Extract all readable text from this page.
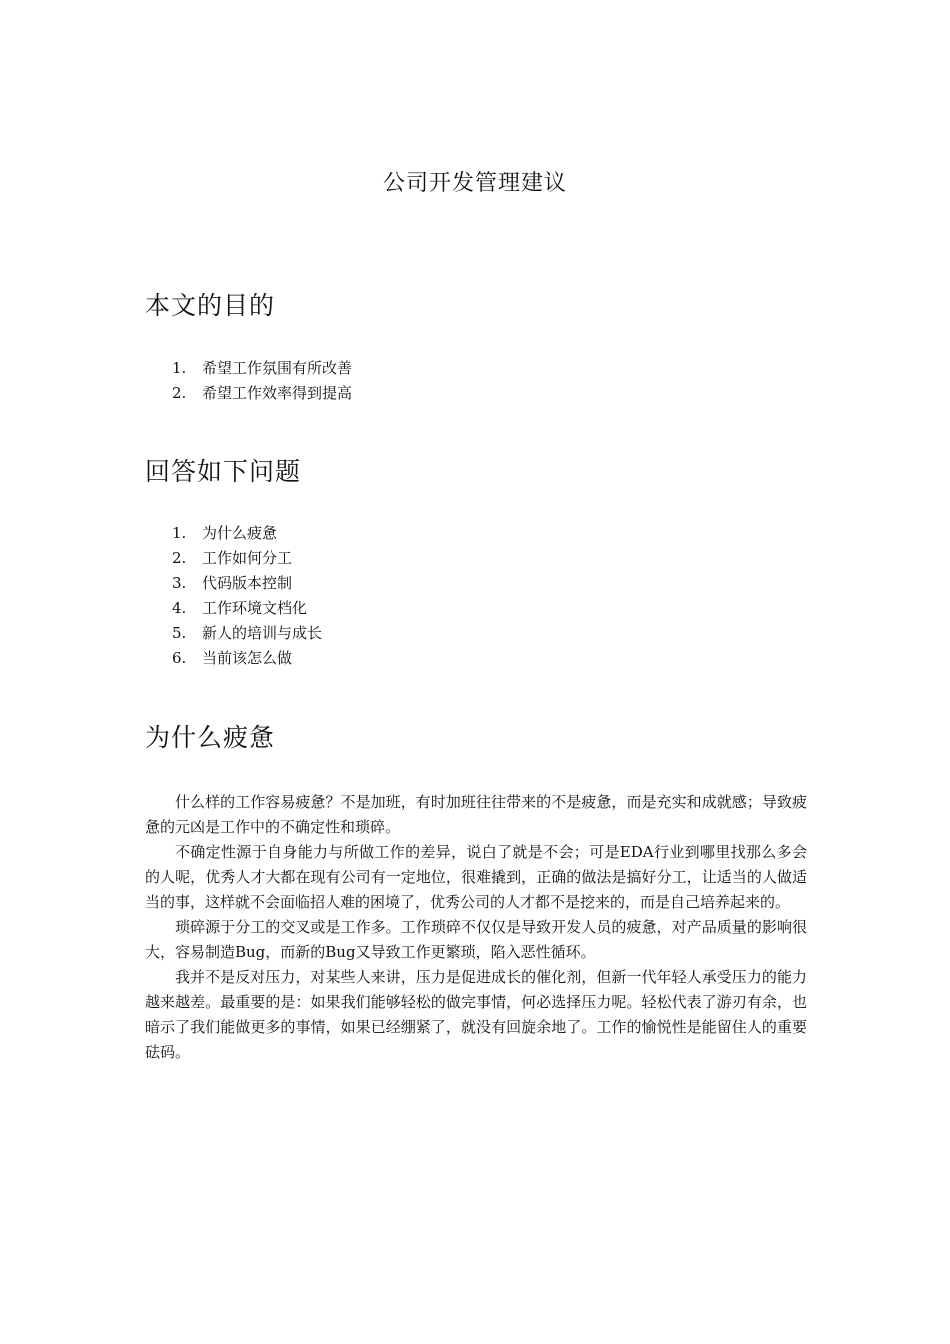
公司开发管理建议
本文的目的
1. 希望工作氛围有所改善
2. 希望工作效率得到提高
回答如下问题
1. 为什么疲惫
2. 工作如何分工
3. 代码版本控制
4. 工作环境文档化
5. 新人的培训与成长
6. 当前该怎么做
为什么疲惫

什么样的工作容易疲惫？不是加班，有时加班往往带来的不是疲惫，而是充实和成就感；导致疲惫的元凶是工作中的不确定性和琐碎。

不确定性源于自身能力与所做工作的差异，说白了就是不会；可是EDA行业到哪里找那么多会的人呢，优秀人才大都在现有公司有一定地位，很难撬到，正确的做法是搞好分工，让适当的人做适当的事，这样就不会面临招人难的困境了，优秀公司的人才都不是挖来的，而是自己培养起来的。

琐碎源于分工的交叉或是工作多。工作琐碎不仅仅是导致开发人员的疲惫，对产品质量的影响很大，容易制造Bug，而新的Bug又导致工作更繁琐，陷入恶性循环。

我并不是反对压力，对某些人来讲，压力是促进成长的催化剂，但新一代年轻人承受压力的能力越来越差。最重要的是：如果我们能够轻松的做完事情，何必选择压力呢。轻松代表了游刃有余，也暗示了我们能做更多的事情，如果已经绷紧了，就没有回旋余地了。工作的愉悦性是能留住人的重要砝码。
